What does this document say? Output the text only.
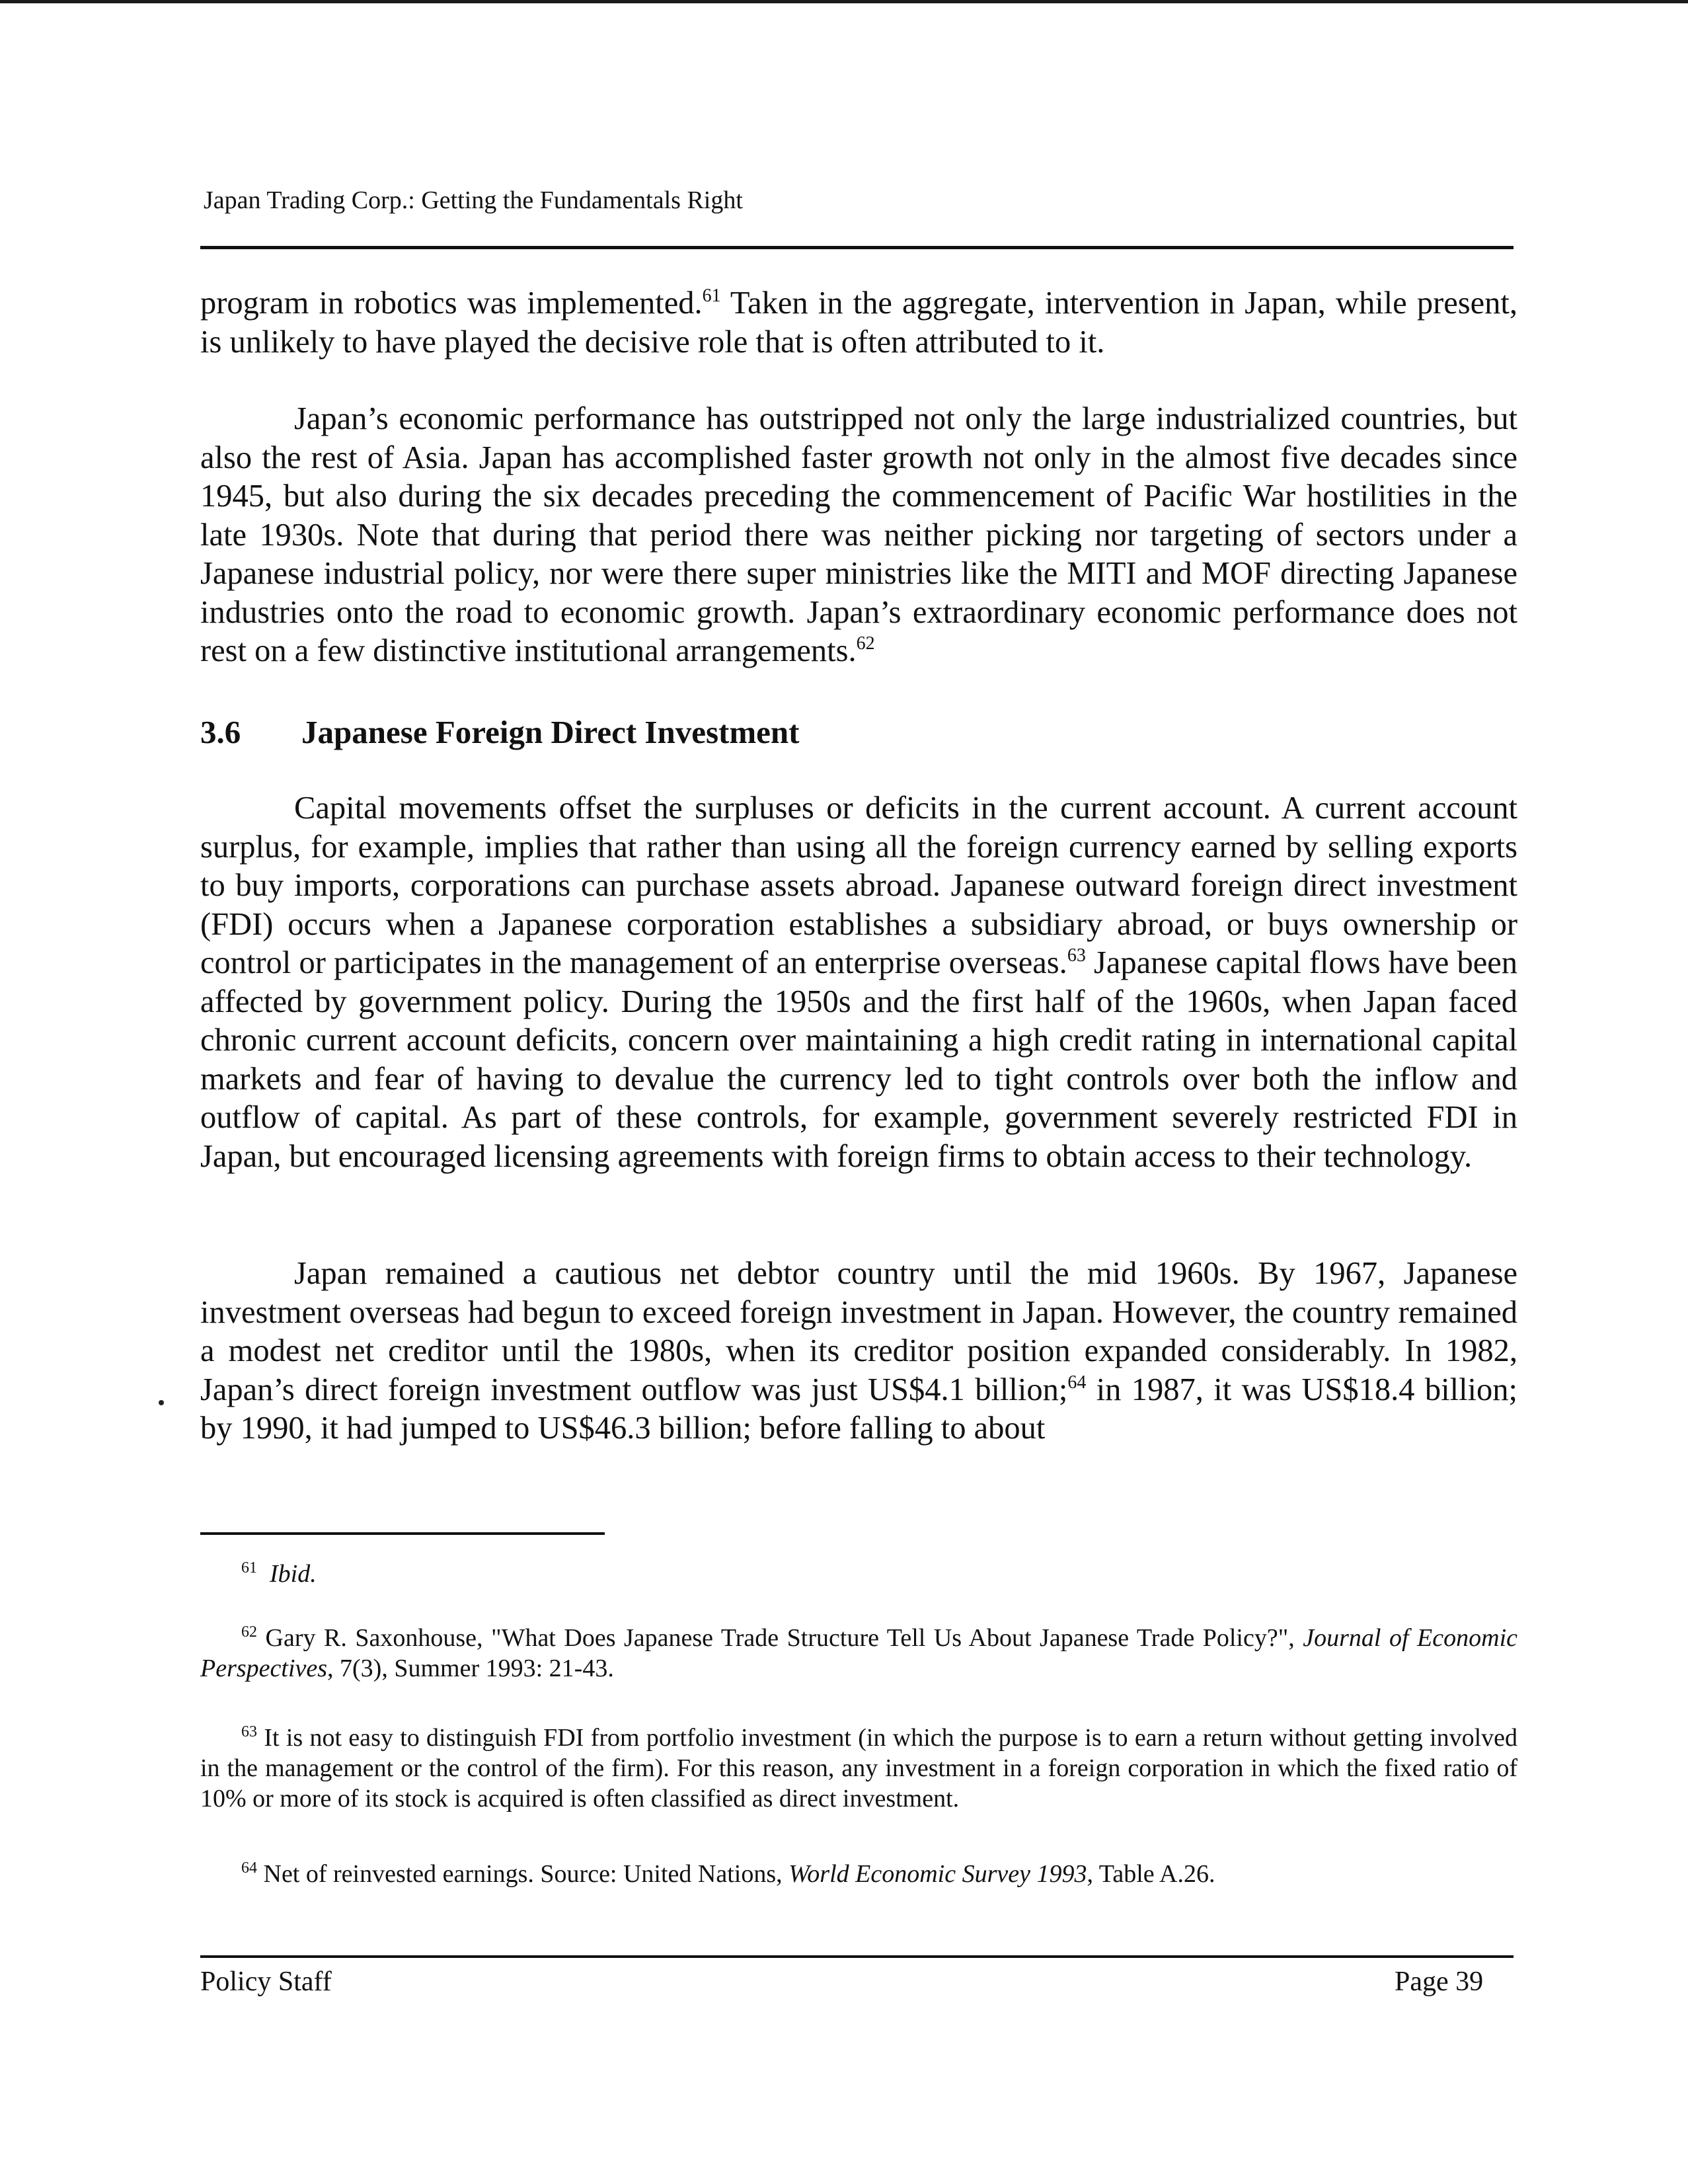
Japan Trading Corp.: Getting the Fundamentals Right

program in robotics was implemented.$^{61}$ Taken in the aggregate, intervention in Japan, while present, is unlikely to have played the decisive role that is often attributed to it.

Japan’s economic performance has outstripped not only the large industrialized countries, but also the rest of Asia. Japan has accomplished faster growth not only in the almost five decades since 1945, but also during the six decades preceding the commencement of Pacific War hostilities in the late 1930s. Note that during that period there was neither picking nor targeting of sectors under a Japanese industrial policy, nor were there super ministries like the MITI and MOF directing Japanese industries onto the road to economic growth. Japan’s extraordinary economic performance does not rest on a few distinctive institutional arrangements.$^{62}$

3.6 Japanese Foreign Direct Investment

Capital movements offset the surpluses or deficits in the current account. A current account surplus, for example, implies that rather than using all the foreign currency earned by selling exports to buy imports, corporations can purchase assets abroad. Japanese outward foreign direct investment (FDI) occurs when a Japanese corporation establishes a subsidiary abroad, or buys ownership or control or participates in the management of an enterprise overseas.$^{63}$ Japanese capital flows have been affected by government policy. During the 1950s and the first half of the 1960s, when Japan faced chronic current account deficits, concern over maintaining a high credit rating in international capital markets and fear of having to devalue the currency led to tight controls over both the inflow and outflow of capital. As part of these controls, for example, government severely restricted FDI in Japan, but encouraged licensing agreements with foreign firms to obtain access to their technology.

Japan remained a cautious net debtor country until the mid 1960s. By 1967, Japanese investment overseas had begun to exceed foreign investment in Japan. However, the country remained a modest net creditor until the 1980s, when its creditor position expanded considerably. In 1982, Japan’s direct foreign investment outflow was just US$4.1 billion;$^{64}$ in 1987, it was US$18.4 billion; by 1990, it had jumped to US$46.3 billion; before falling to about

$^{61}$ Ibid.

$^{62}$ Gary R. Saxonhouse, "What Does Japanese Trade Structure Tell Us About Japanese Trade Policy?", Journal of Economic Perspectives, 7(3), Summer 1993: 21-43.

$^{63}$ It is not easy to distinguish FDI from portfolio investment (in which the purpose is to earn a return without getting involved in the management or the control of the firm). For this reason, any investment in a foreign corporation in which the fixed ratio of 10% or more of its stock is acquired is often classified as direct investment.

$^{64}$ Net of reinvested earnings. Source: United Nations, World Economic Survey 1993, Table A.26.

Policy Staff	Page 39
